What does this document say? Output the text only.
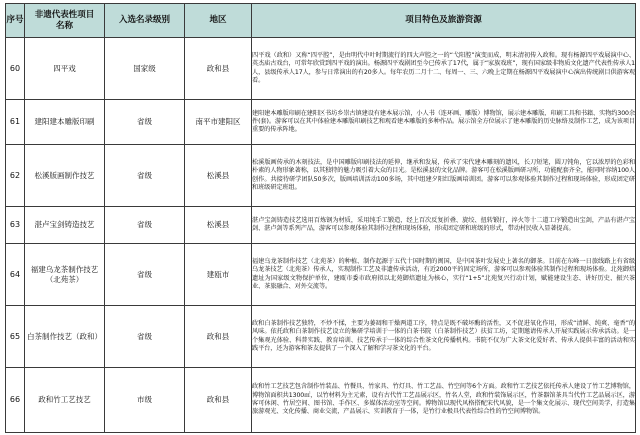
序号	非遗代表性项目名称	入选名录级别	地区	项目特色及旅游资源
60	四平戏	国家级	政和县	四平戏（政和）又称“四平腔”，是由明代中叶时期流行的四大声腔之一的“弋阳腔”演变而成，明末清初传入政和。现有杨源四平戏展演中心、英杰庙古戏台，可常年欣赏到四平戏的演出。杨源四平戏剧团至今已传承了17代，属于“家族戏班”，现有国家级非物质文化遗产代表性传承人1人，县级传承人17人，参与日常演出的有20多人。每年农历二月十二、每周一、三、六晚上定期在杨源四平戏展演中心演出传统剧目供游客观看。
61	建阳建本雕版印刷	省级	南平市建阳区	建阳建本雕版印刷在建阳区书坊乡崇古镇建设有建本展示馆，小人书（连环画、雕版）博物馆，展示建本雕版、印刷工具和书籍、实物约300余件(套)。游客可以在其中体验建本雕版印刷技艺和观看建本雕版的多种作品。展示馆全方位展示了建本雕版的历史脉络及制作工艺，成为该项目重要的传承阵地。
62	松溪版画制作技艺	省级	松溪县	松溪版画传承的木刻技法，是中国雕版印刷技法的延伸，继承和发展，传承了宋代建本雕刻的遗风，长刀短笔，圆刀钝角，它以浓厚的色彩和朴素的人物形象著称，以其独特的魅力吸引着大众的目光。是松溪县的文化品牌。游客可在松溪版画研习所，功能配套齐全，能同时容纳100人创作。共接待研学团队50多次，版画培训活动100多场，其中组建夕阳红版画培训团。游客可以参观体验其制作过程和现场体验，形成团定研和班级研定班组。
63	湛卢宝剑铸造技艺	省级	松溪县	湛卢宝剑铸造技艺选用百炼钢为材质，采用纯手工锻造，经上百次反复折叠、旋绞、扭转锻打，淬火等十二道工序锻造出宝剑，产品有湛卢宝剑、湛卢剑等系列产品，游客可以参观体验其制作过程和现场体验，形成团定研和班级的形式，带动村民收入显著提高。
64	福建乌龙茶制作技艺（北苑茶）	省级	建瓯市	福建乌龙茶制作技艺（北苑茶）的种植、制作起源于五代十国时期的闽国，是中国茶叶发展史上著名的御茶。目前在东峰一日旅线路上有省级乌龙茶技艺（北苑茶）传承人，实现制作工艺及非遗传承活动，有近2000平的固定场所，游客可以参观体验其制作过程和现场体验。北苑御焙遗址为国家级文物保护单位，建瓯市委市政府拟以北苑御焙遗址为核心，实行“1+5”北苑复兴行动计划，赋能建设生态、讲好历史、振兴茶业、茶旅融合、对外交流等。
65	白茶制作技艺（政和）	省级	政和县	政和白茶制作技艺独特，不炒不揉，主要为萎凋和干燥两道工序，特点是既不破坏酶的活性，又不促进氧化作用，形成“清鲜、纯爽、毫香”的风味。依托政和白茶制作技艺设立的集研学培训于一体的白茶书院（白茶制作技艺）扶贫工坊，定期邀请传承人开展实践展示传承活动。是一个集观光体验、科普实践、教育培训、技艺传承于一体的综合性茶文化传播机构。书院不仅为广大茶文化爱好者、传承人提供丰富的活动和实践平台，还为游客和茶友提供了一个深入了解和学习茶文化的平台。
66	政和竹工艺技艺	市级	政和县	政和竹工艺技艺包含制作竹装品、竹餐具、竹家具、竹灯具、竹工艺品、竹空间等6个方面。政和竹工艺技艺依托传承人建设了竹工艺博物馆，博物馆面积共1300㎡，以竹材料为主元素，设有古代竹工艺品展示区，竹名人堂，政和竹装饰展示区，竹茶器馆茶具当代竹工艺品展示区，游客可休闲、竹居空间、图书馆、手作区、多媒体活动室等空间。博物馆以现代风格搭配宋代风貌，是一个集文化展示、现代空间美学，打造集旅游观光、文化传播、商业交流，产品展示、实训教育于一体，是竹行业极具代表性综合性的竹空间博物馆。
